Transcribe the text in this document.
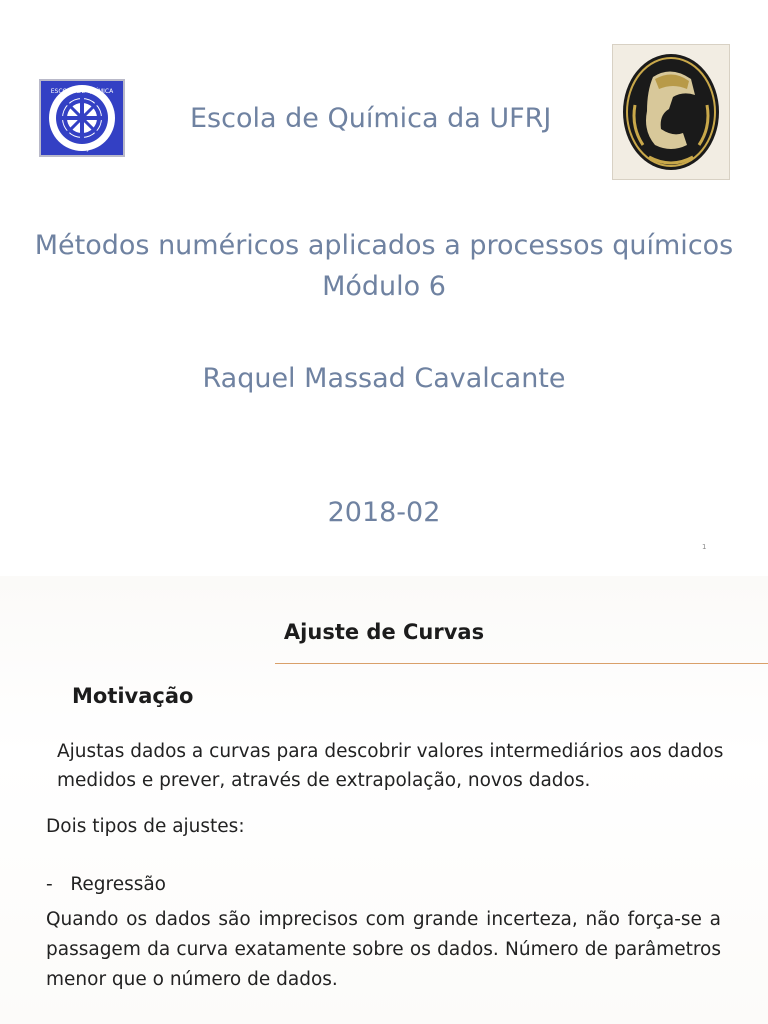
ESCOLA DE QUÍMICA
UFRJ
Escola de Química da UFRJ
Métodos numéricos aplicados a processos químicos
Módulo 6
Raquel Massad Cavalcante
2018-02
1
Ajuste de Curvas
Motivação
Ajustas dados a curvas para descobrir valores intermediários aos dados medidos e prever, através de extrapolação, novos dados.
Dois tipos de ajustes:
- Regressão
Quando os dados são imprecisos com grande incerteza, não força-se a passagem da curva exatamente sobre os dados. Número de parâmetros menor que o número de dados.
